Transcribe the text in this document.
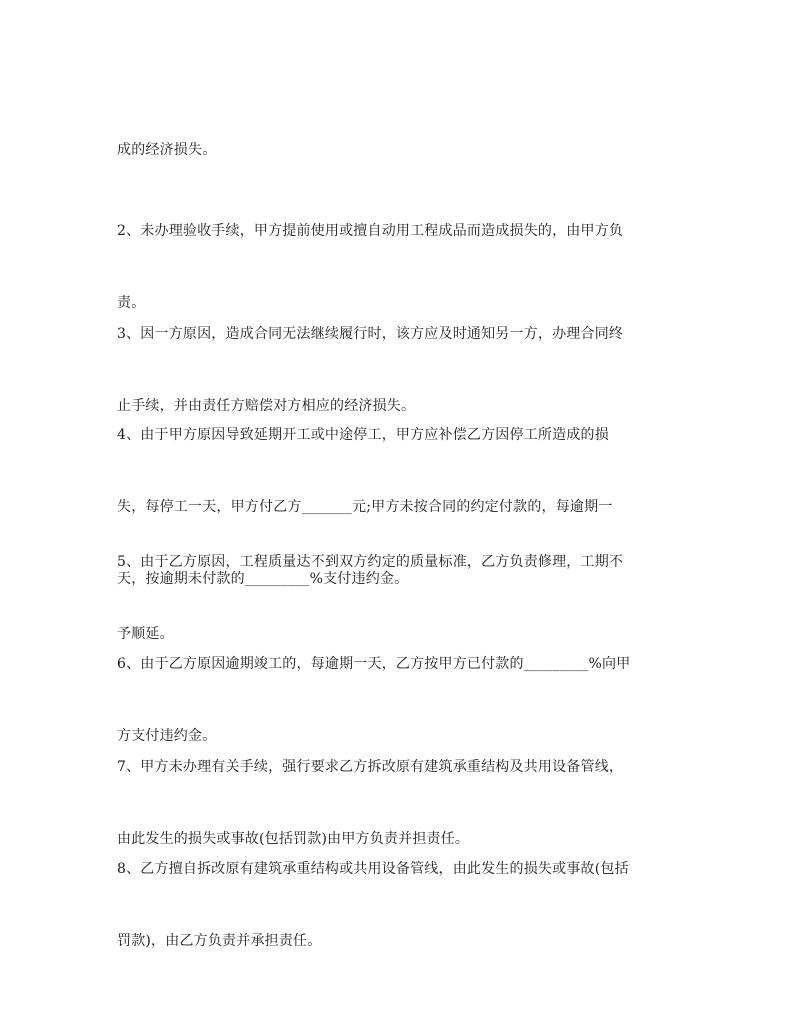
成的经济损失。

2、未办理验收手续，甲方提前使用或擅自动用工程成品而造成损失的，由甲方负

责。

3、因一方原因，造成合同无法继续履行时，该方应及时通知另一方，办理合同终

止手续，并由责任方赔偿对方相应的经济损失。

4、由于甲方原因导致延期开工或中途停工，甲方应补偿乙方因停工所造成的损

失，每停工一天，甲方付乙方_______元;甲方未按合同的约定付款的，每逾期一

天，按逾期未付款的_________%支付违约金。

5、由于乙方原因，工程质量达不到双方约定的质量标准，乙方负责修理，工期不

予顺延。

6、由于乙方原因逾期竣工的，每逾期一天，乙方按甲方已付款的_________%向甲

方支付违约金。

7、甲方未办理有关手续，强行要求乙方拆改原有建筑承重结构及共用设备管线，

由此发生的损失或事故(包括罚款)由甲方负责并担责任。

8、乙方擅自拆改原有建筑承重结构或共用设备管线，由此发生的损失或事故(包括

罚款)，由乙方负责并承担责任。
